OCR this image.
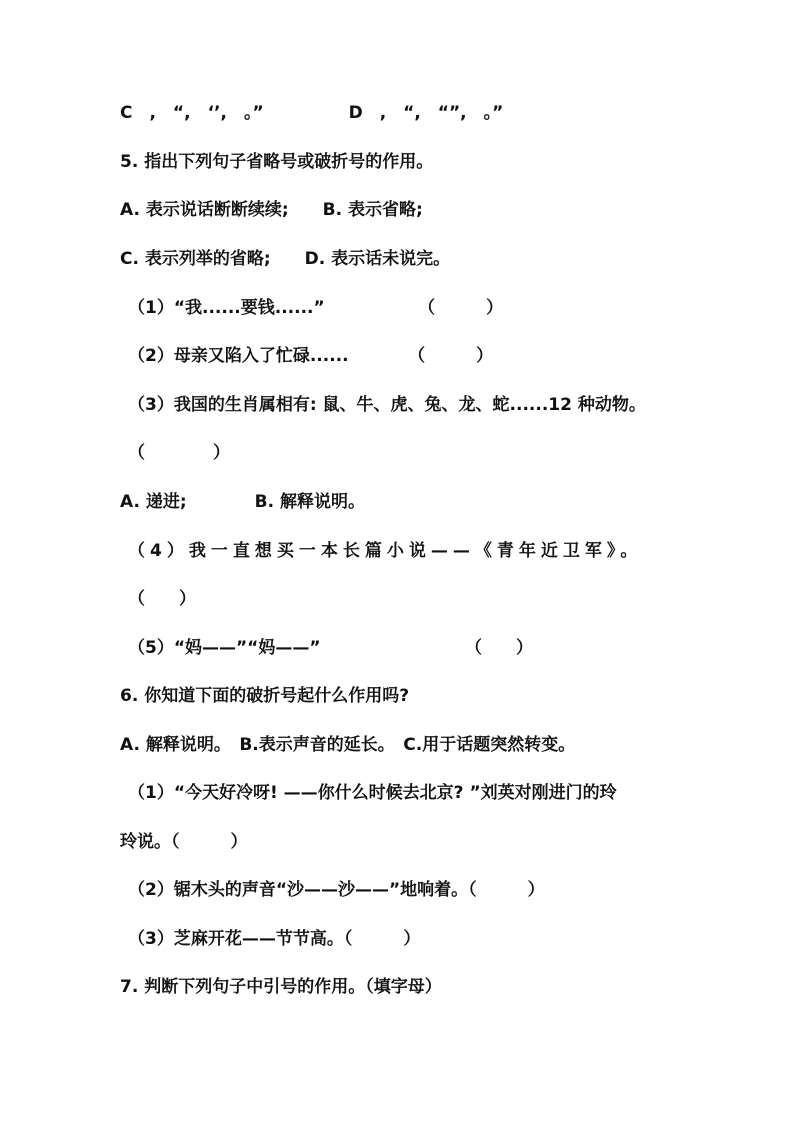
C　,　“,　‘’,　。”　　　　　D　,　“,　“”,　。”
5. 指出下列句子省略号或破折号的作用。
A. 表示说话断断续续;　　B. 表示省略;
C. 表示列举的省略;　　D. 表示话未说完。
（1）“我......要钱......”　　　　　　（　　　）
（2）母亲又陷入了忙碌......　　　　（　　　）
（3）我国的生肖属相有: 鼠、牛、虎、兔、龙、蛇......12 种动物。
（　　　　）
A. 递进;　　　　B. 解释说明。
（4）我一直想买一本长篇小说——《青年近卫军》。
（　　）
（5）“妈——”“妈——”　　　　　　　　　（　　）
6. 你知道下面的破折号起什么作用吗?
A. 解释说明。　B.表示声音的延长。　C.用于话题突然转变。
（1）“今天好冷呀! ——你什么时候去北京? ”刘英对刚进门的玲
玲说。（　　　）
（2）锯木头的声音“沙——沙——”地响着。（　　　）
（3）芝麻开花——节节高。（　　　）
7. 判断下列句子中引号的作用。（填字母）
